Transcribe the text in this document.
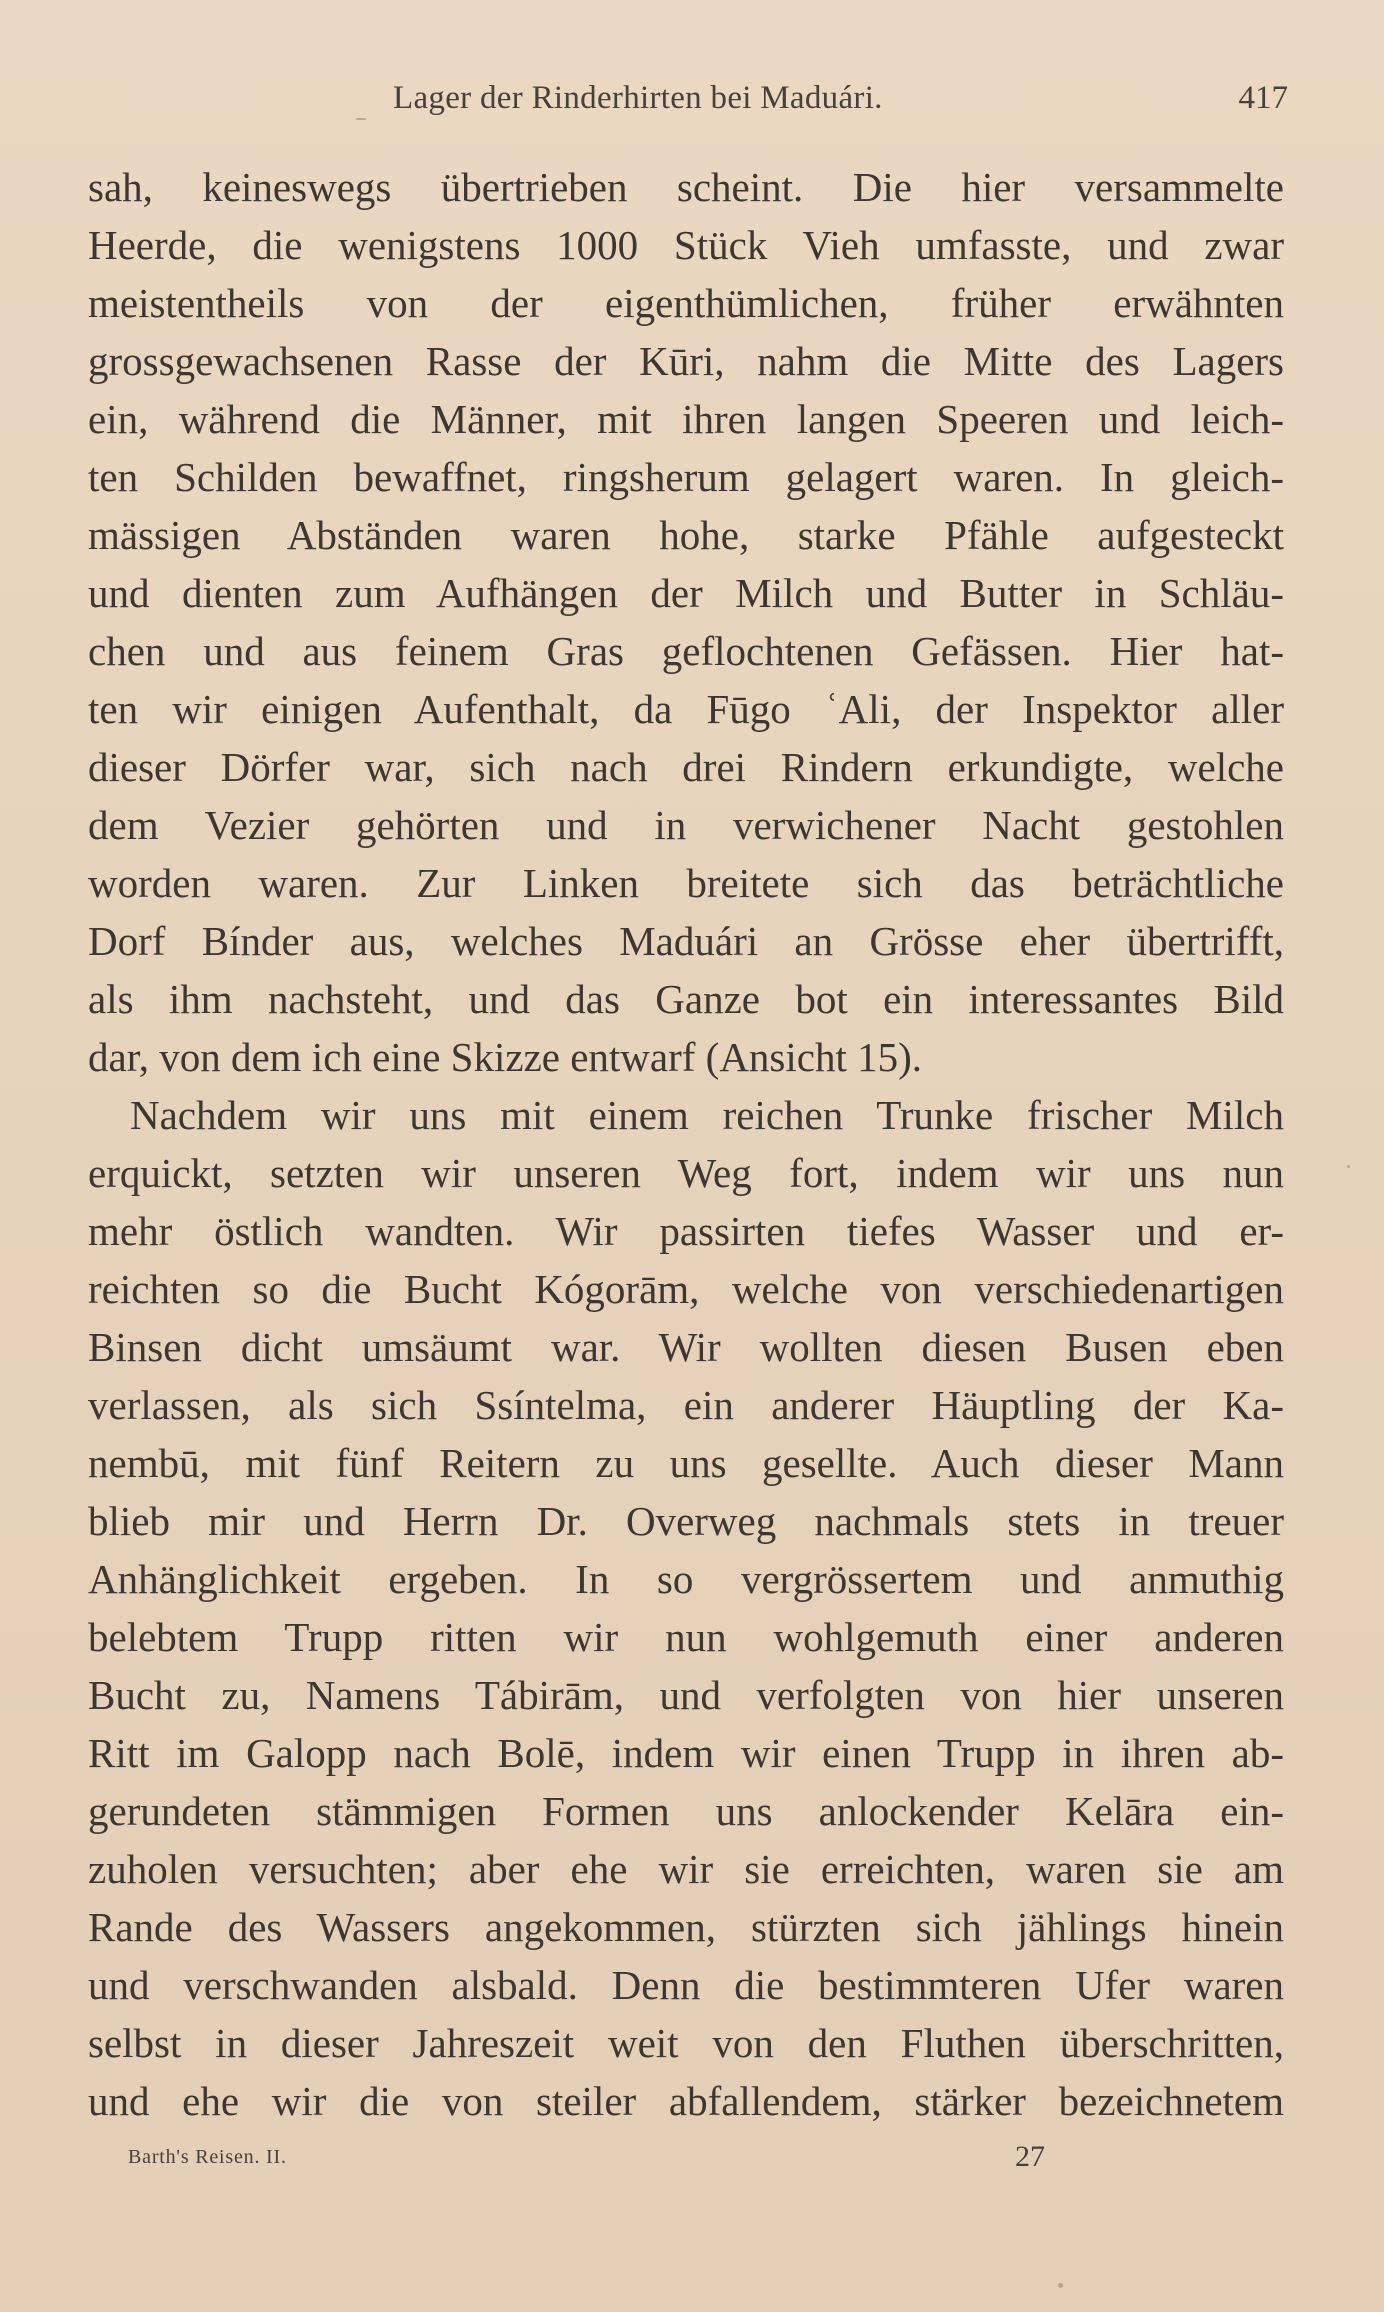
Lager der Rinderhirten bei Maduári.	417
sah, keineswegs übertrieben scheint. Die hier versammelte
Heerde, die wenigstens 1000 Stück Vieh umfasste, und zwar
meistentheils von der eigenthümlichen, früher erwähnten
grossgewachsenen Rasse der Kūri, nahm die Mitte des Lagers
ein, während die Männer, mit ihren langen Speeren und leich-
ten Schilden bewaffnet, ringsherum gelagert waren. In gleich-
mässigen Abständen waren hohe, starke Pfähle aufgesteckt
und dienten zum Aufhängen der Milch und Butter in Schläu-
chen und aus feinem Gras geflochtenen Gefässen. Hier hat-
ten wir einigen Aufenthalt, da Fūgo ʿAli, der Inspektor aller
dieser Dörfer war, sich nach drei Rindern erkundigte, welche
dem Vezier gehörten und in verwichener Nacht gestohlen
worden waren. Zur Linken breitete sich das beträchtliche
Dorf Bínder aus, welches Maduári an Grösse eher übertrifft,
als ihm nachsteht, und das Ganze bot ein interessantes Bild
dar, von dem ich eine Skizze entwarf (Ansicht 15).
Nachdem wir uns mit einem reichen Trunke frischer Milch
erquickt, setzten wir unseren Weg fort, indem wir uns nun
mehr östlich wandten. Wir passirten tiefes Wasser und er-
reichten so die Bucht Kógorām, welche von verschiedenartigen
Binsen dicht umsäumt war. Wir wollten diesen Busen eben
verlassen, als sich Ssíntelma, ein anderer Häuptling der Ka-
nembū, mit fünf Reitern zu uns gesellte. Auch dieser Mann
blieb mir und Herrn Dr. Overweg nachmals stets in treuer
Anhänglichkeit ergeben. In so vergrössertem und anmuthig
belebtem Trupp ritten wir nun wohlgemuth einer anderen
Bucht zu, Namens Tábirām, und verfolgten von hier unseren
Ritt im Galopp nach Bolē, indem wir einen Trupp in ihren ab-
gerundeten stämmigen Formen uns anlockender Kelāra ein-
zuholen versuchten; aber ehe wir sie erreichten, waren sie am
Rande des Wassers angekommen, stürzten sich jählings hinein
und verschwanden alsbald. Denn die bestimmteren Ufer waren
selbst in dieser Jahreszeit weit von den Fluthen überschritten,
und ehe wir die von steiler abfallendem, stärker bezeichnetem
Barth's Reisen. II.	27
